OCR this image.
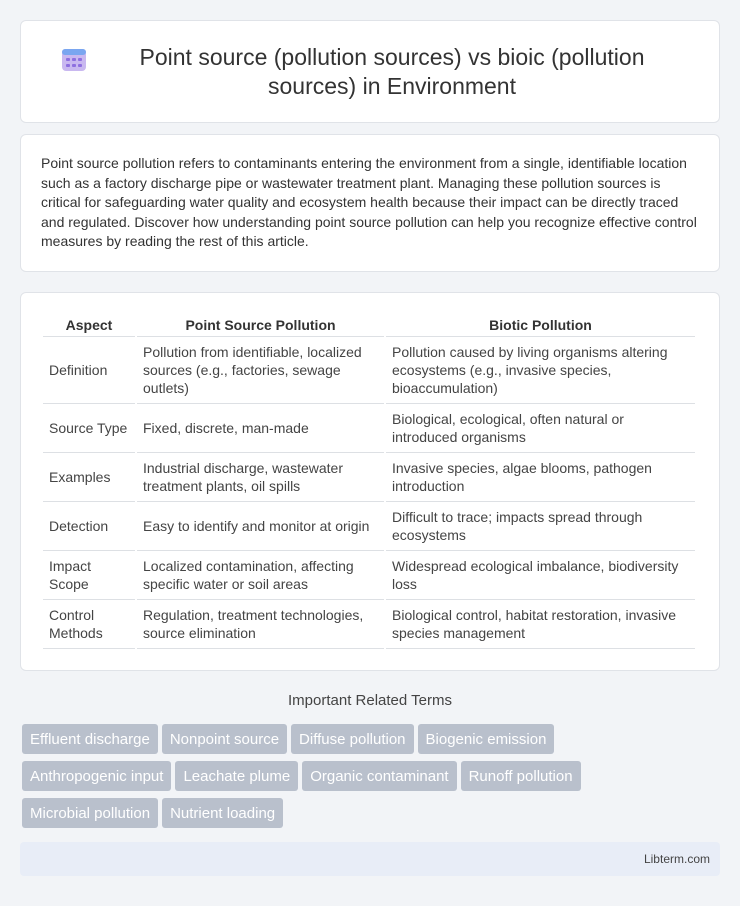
Point source (pollution sources) vs bioic (pollution sources) in Environment

Point source pollution refers to contaminants entering the environment from a single, identifiable location such as a factory discharge pipe or wastewater treatment plant. Managing these pollution sources is critical for safeguarding water quality and ecosystem health because their impact can be directly traced and regulated. Discover how understanding point source pollution can help you recognize effective control measures by reading the rest of this article.

Aspect	Point Source Pollution	Biotic Pollution
Definition	Pollution from identifiable, localized sources (e.g., factories, sewage outlets)	Pollution caused by living organisms altering ecosystems (e.g., invasive species, bioaccumulation)
Source Type	Fixed, discrete, man-made	Biological, ecological, often natural or introduced organisms
Examples	Industrial discharge, wastewater treatment plants, oil spills	Invasive species, algae blooms, pathogen introduction
Detection	Easy to identify and monitor at origin	Difficult to trace; impacts spread through ecosystems
Impact Scope	Localized contamination, affecting specific water or soil areas	Widespread ecological imbalance, biodiversity loss
Control Methods	Regulation, treatment technologies, source elimination	Biological control, habitat restoration, invasive species management
Important Related Terms
Effluent discharge Nonpoint source Diffuse pollution Biogenic emission
Anthropogenic input Leachate plume Organic contaminant Runoff pollution
Microbial pollution Nutrient loading
Libterm.com
